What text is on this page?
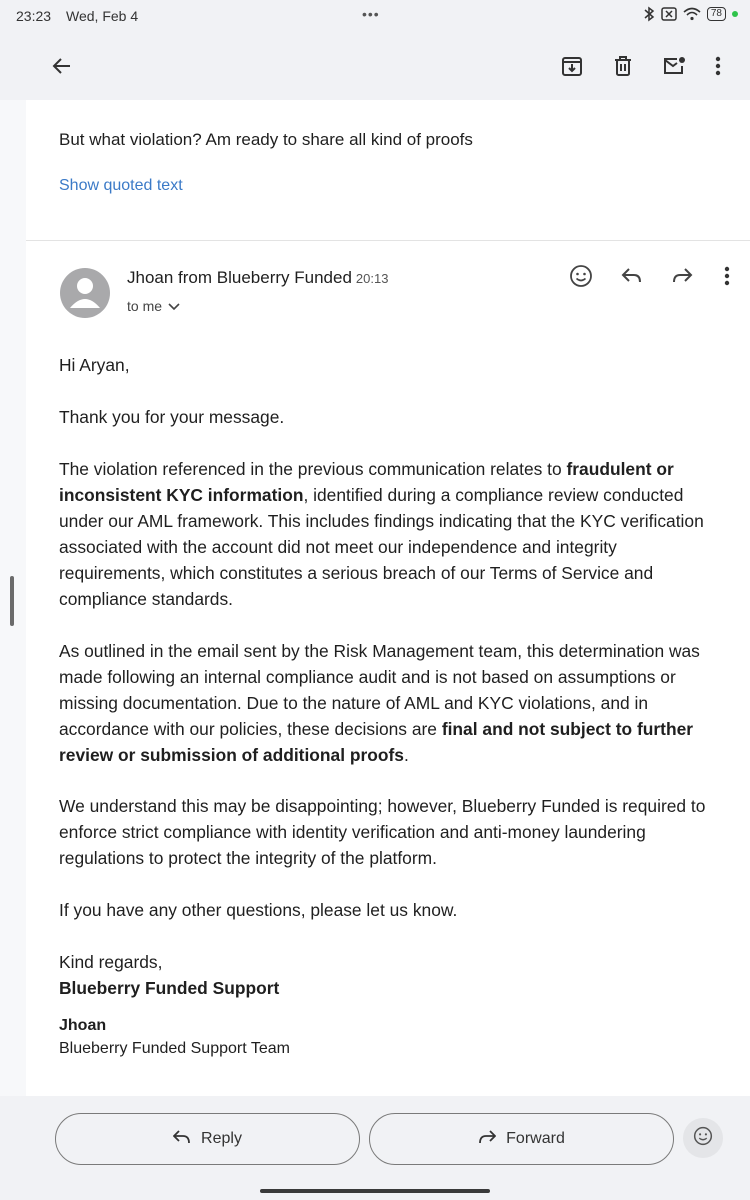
23:23 Wed, Feb 4	•••	78
But what violation? Am ready to share all kind of proofs
Show quoted text
Jhoan from Blueberry Funded 20:13
to me
Hi Aryan,
Thank you for your message.
The violation referenced in the previous communication relates to fraudulent or inconsistent KYC information, identified during a compliance review conducted under our AML framework. This includes findings indicating that the KYC verification associated with the account did not meet our independence and integrity requirements, which constitutes a serious breach of our Terms of Service and compliance standards.
As outlined in the email sent by the Risk Management team, this determination was made following an internal compliance audit and is not based on assumptions or missing documentation. Due to the nature of AML and KYC violations, and in accordance with our policies, these decisions are final and not subject to further review or submission of additional proofs.
We understand this may be disappointing; however, Blueberry Funded is required to enforce strict compliance with identity verification and anti-money laundering regulations to protect the integrity of the platform.
If you have any other questions, please let us know.
Kind regards,
Blueberry Funded Support
Jhoan
Blueberry Funded Support Team
Reply	Forward
